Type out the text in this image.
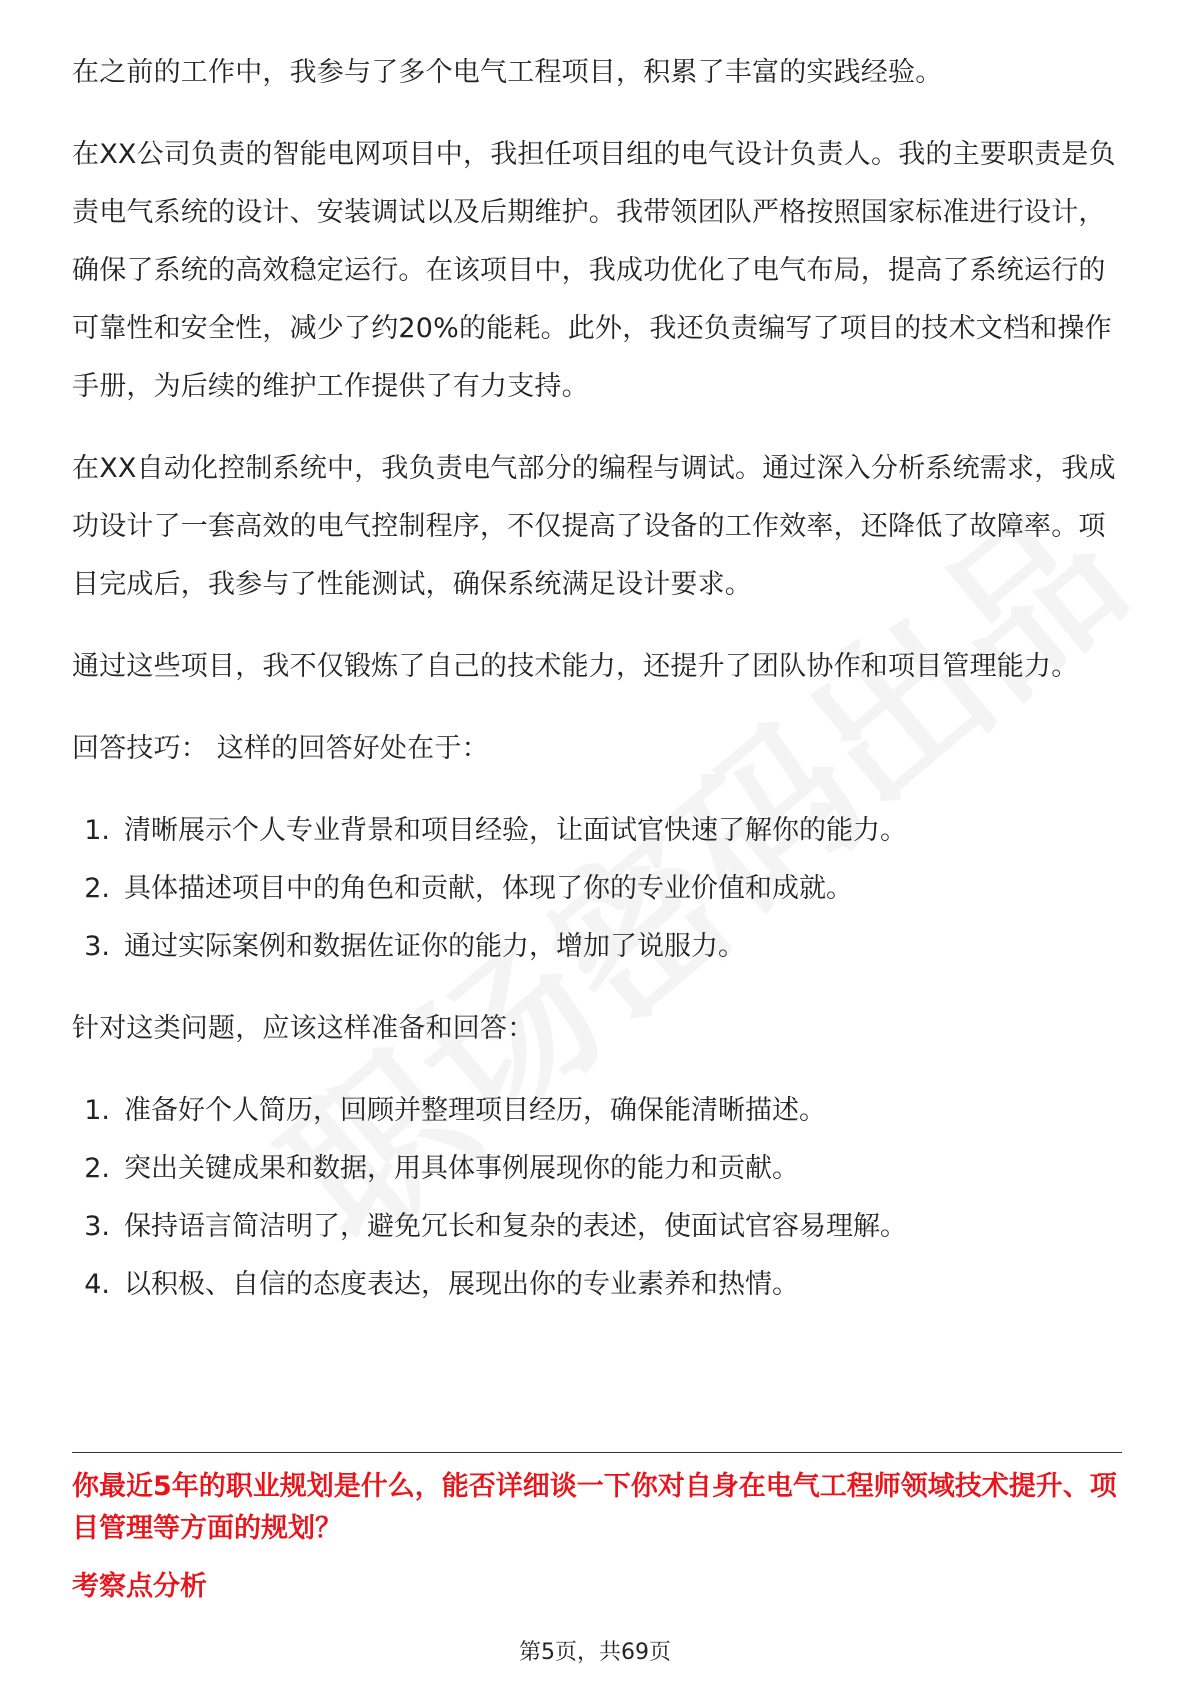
在之前的工作中，我参与了多个电气工程项目，积累了丰富的实践经验。

在XX公司负责的智能电网项目中，我担任项目组的电气设计负责人。我的主要职责是负责电气系统的设计、安装调试以及后期维护。我带领团队严格按照国家标准进行设计，确保了系统的高效稳定运行。在该项目中，我成功优化了电气布局，提高了系统运行的可靠性和安全性，减少了约20%的能耗。此外，我还负责编写了项目的技术文档和操作手册，为后续的维护工作提供了有力支持。

在XX自动化控制系统中，我负责电气部分的编程与调试。通过深入分析系统需求，我成功设计了一套高效的电气控制程序，不仅提高了设备的工作效率，还降低了故障率。项目完成后，我参与了性能测试，确保系统满足设计要求。

通过这些项目，我不仅锻炼了自己的技术能力，还提升了团队协作和项目管理能力。

回答技巧： 这样的回答好处在于：

1. 清晰展示个人专业背景和项目经验，让面试官快速了解你的能力。
2. 具体描述项目中的角色和贡献，体现了你的专业价值和成就。
3. 通过实际案例和数据佐证你的能力，增加了说服力。

针对这类问题，应该这样准备和回答：

1. 准备好个人简历，回顾并整理项目经历，确保能清晰描述。
2. 突出关键成果和数据，用具体事例展现你的能力和贡献。
3. 保持语言简洁明了，避免冗长和复杂的表述，使面试官容易理解。
4. 以积极、自信的态度表达，展现出你的专业素养和热情。
你最近5年的职业规划是什么，能否详细谈一下你对自身在电气工程师领域技术提升、项目管理等方面的规划？
考察点分析
第5页，共69页
